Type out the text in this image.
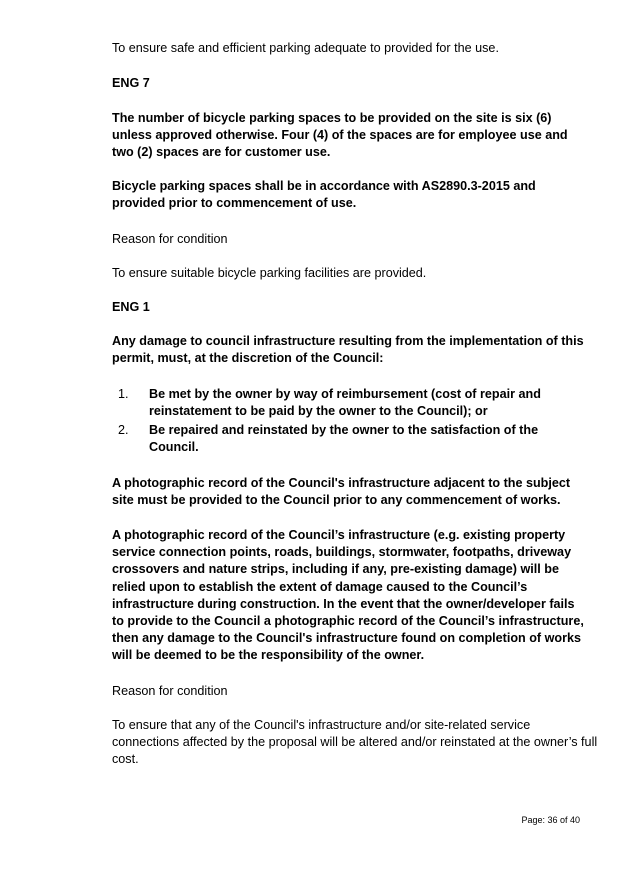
To ensure safe and efficient parking adequate to provided for the use.

ENG 7

The number of bicycle parking spaces to be provided on the site is six (6)
unless approved otherwise. Four (4) of the spaces are for employee use and
two (2) spaces are for customer use.

Bicycle parking spaces shall be in accordance with AS2890.3-2015 and
provided prior to commencement of use.

Reason for condition

To ensure suitable bicycle parking facilities are provided.

ENG 1

Any damage to council infrastructure resulting from the implementation of this
permit, must, at the discretion of the Council:

1. Be met by the owner by way of reimbursement (cost of repair and
reinstatement to be paid by the owner to the Council); or
2. Be repaired and reinstated by the owner to the satisfaction of the
Council.

A photographic record of the Council's infrastructure adjacent to the subject
site must be provided to the Council prior to any commencement of works.

A photographic record of the Council’s infrastructure (e.g. existing property
service connection points, roads, buildings, stormwater, footpaths, driveway
crossovers and nature strips, including if any, pre-existing damage) will be
relied upon to establish the extent of damage caused to the Council’s
infrastructure during construction. In the event that the owner/developer fails
to provide to the Council a photographic record of the Council’s infrastructure,
then any damage to the Council's infrastructure found on completion of works
will be deemed to be the responsibility of the owner.

Reason for condition

To ensure that any of the Council's infrastructure and/or site-related service
connections affected by the proposal will be altered and/or reinstated at the owner’s full
cost.

Page: 36 of 40
